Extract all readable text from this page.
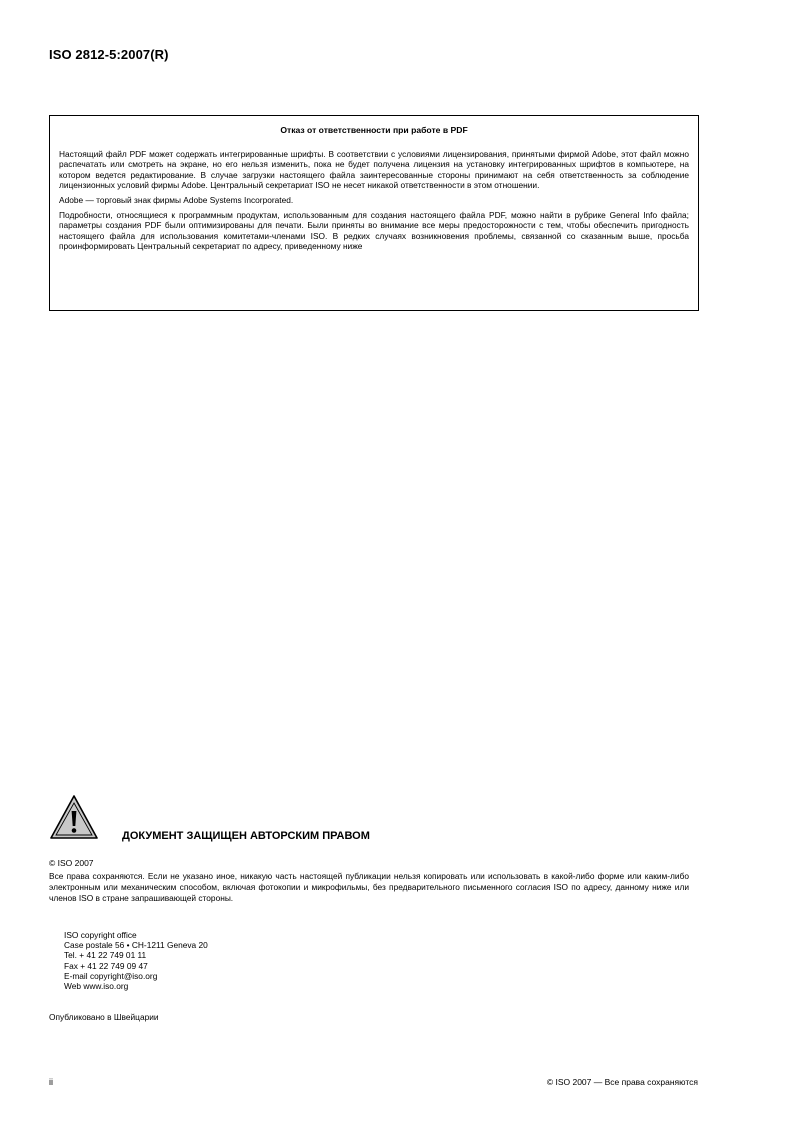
ISO 2812-5:2007(R)
Отказ от ответственности при работе в PDF

Настоящий файл PDF может содержать интегрированные шрифты. В соответствии с условиями лицензирования, принятыми фирмой Adobe, этот файл можно распечатать или смотреть на экране, но его нельзя изменить, пока не будет получена лицензия на установку интегрированных шрифтов в компьютере, на котором ведется редактирование. В случае загрузки настоящего файла заинтересованные стороны принимают на себя ответственность за соблюдение лицензионных условий фирмы Adobe. Центральный секретариат ISO не несет никакой ответственности в этом отношении.

Adobe — торговый знак фирмы Adobe Systems Incorporated.

Подробности, относящиеся к программным продуктам, использованным для создания настоящего файла PDF, можно найти в рубрике General Info файла; параметры создания PDF были оптимизированы для печати. Были приняты во внимание все меры предосторожности с тем, чтобы обеспечить пригодность настоящего файла для использования комитетами-членами ISO. В редких случаях возникновения проблемы, связанной со сказанным выше, просьба проинформировать Центральный секретариат по адресу, приведенному ниже

ДОКУМЕНТ ЗАЩИЩЕН АВТОРСКИМ ПРАВОМ
© ISO 2007
Все права сохраняются. Если не указано иное, никакую часть настоящей публикации нельзя копировать или использовать в какой-либо форме или каким-либо электронным или механическим способом, включая фотокопии и микрофильмы, без предварительного письменного согласия ISO по адресу, данному ниже или членов ISO в стране запрашивающей стороны.
ISO copyright office
Case postale 56 • CH-1211 Geneva 20
Tel. + 41 22 749 01 11
Fax + 41 22 749 09 47
E-mail copyright@iso.org
Web www.iso.org
Опубликовано в Швейцарии
ii	© ISO 2007 — Все права сохраняются
